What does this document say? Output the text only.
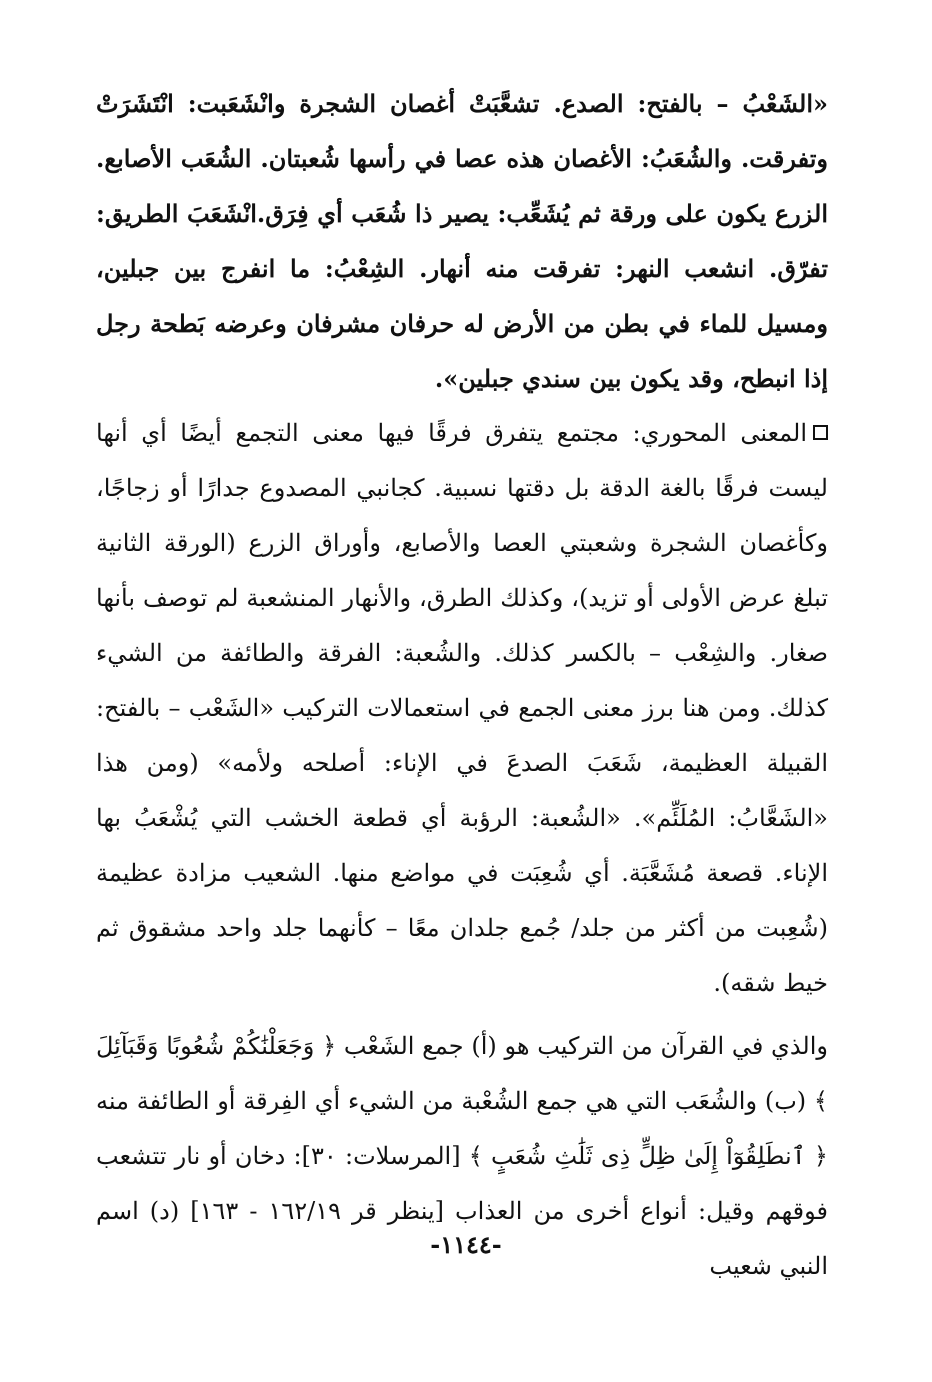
«الشَعْبُ – بالفتح: الصدع. تشعَّبَتْ أغصان الشجرة وانْشَعَبت: انْتَشَرَتْ وتفرقت. والشُعَبُ: الأغصان هذه عصا في رأسها شُعبتان. الشُعَب الأصابع. الزرع يكون على ورقة ثم يُشَعِّب: يصير ذا شُعَب أي فِرَق.انْشَعَبَ الطريق: تفرّق. انشعب النهر: تفرقت منه أنهار. الشِعْبُ: ما انفرج بين جبلين، ومسيل للماء في بطن من الأرض له حرفان مشرفان وعرضه بَطحة رجل إذا انبطح، وقد يكون بين سندي جبلين».

المعنى المحوري: مجتمع يتفرق فرقًا فيها معنى التجمع أيضًا أي أنها ليست فرقًا بالغة الدقة بل دقتها نسبية. كجانبي المصدوع جدارًا أو زجاجًا، وكأغصان الشجرة وشعبتي العصا والأصابع، وأوراق الزرع (الورقة الثانية تبلغ عرض الأولى أو تزيد)، وكذلك الطرق، والأنهار المنشعبة لم توصف بأنها صغار. والشِعْب – بالكسر كذلك. والشُعبة: الفرقة والطائفة من الشيء كذلك. ومن هنا برز معنى الجمع في استعمالات التركيب «الشَعْب – بالفتح: القبيلة العظيمة، شَعَبَ الصدعَ في الإناء: أصلحه ولأمه» (ومن هذا «الشَعَّابُ: المُلَئِّم». «الشُعبة: الرؤبة أي قطعة الخشب التي يُشْعَبُ بها الإناء. قصعة مُشَعَّبَة. أي شُعِبَت في مواضع منها. الشعيب مزادة عظيمة (شُعِبت من أكثر من جلد/ جُمع جلدان معًا – كأنهما جلد واحد مشقوق ثم خيط شقه).

والذي في القرآن من التركيب هو (أ) جمع الشَعْب ﴿ وَجَعَلْنَٰكُمْ شُعُوبًا وَقَبَآئِلَ ﴾ (ب) والشُعَب التي هي جمع الشُعْبة من الشيء أي الفِرقة أو الطائفة منه ﴿ ٱنطَلِقُوٓاْ إِلَىٰ ظِلٍّ ذِى ثَلَٰثِ شُعَبٍ ﴾ [المرسلات: ٣٠]: دخان أو نار تتشعب فوقهم وقيل: أنواع أخرى من العذاب [ينظر قر ١٦٢/١٩ - ١٦٣] (د) اسم النبي شعيب

-١١٤٤-
